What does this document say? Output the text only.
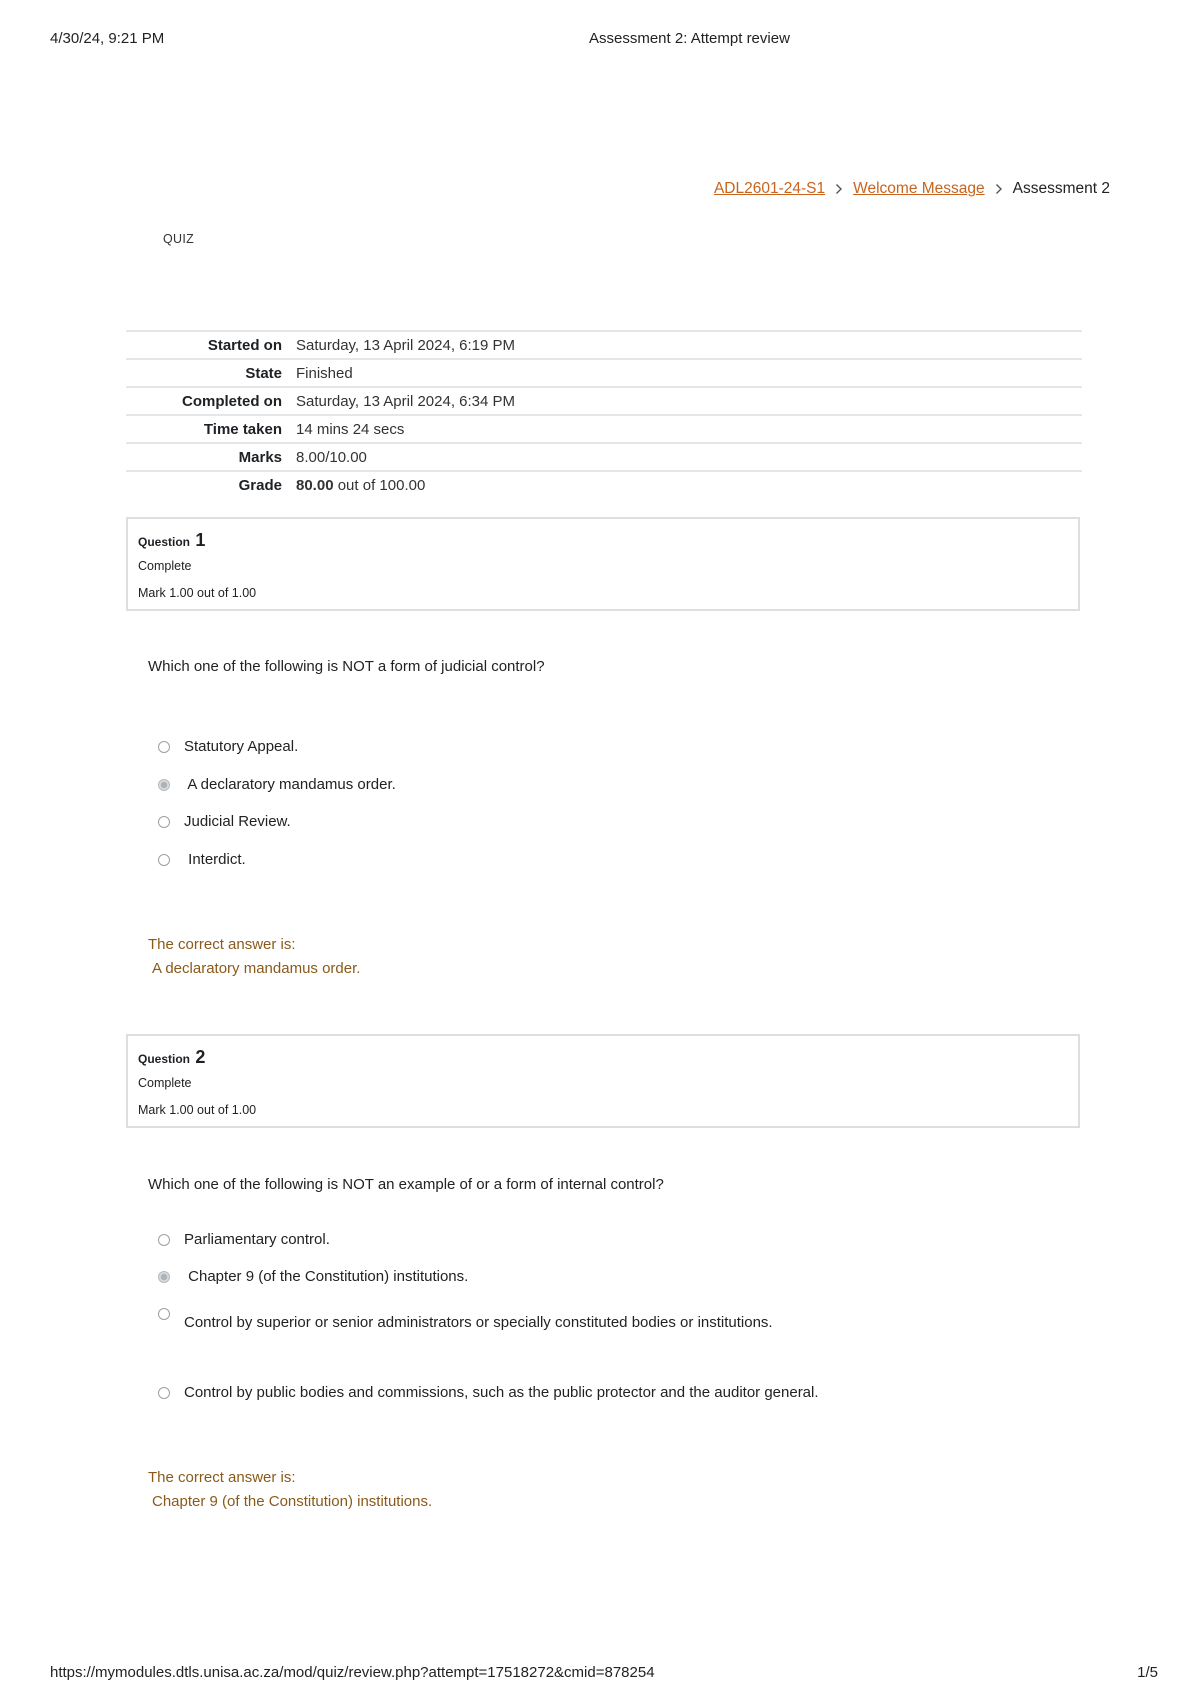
4/30/24, 9:21 PM	Assessment 2: Attempt review
ADL2601-24-S1 Welcome Message Assessment 2
QUIZ
Started on	Saturday, 13 April 2024, 6:19 PM
State	Finished
Completed on	Saturday, 13 April 2024, 6:34 PM
Time taken	14 mins 24 secs
Marks	8.00/10.00
Grade	80.00 out of 100.00
Question 1
Complete
Mark 1.00 out of 1.00
Which one of the following is NOT a form of judicial control?
Statutory Appeal.
A declaratory mandamus order.
Judicial Review.
Interdict.
The correct answer is:
A declaratory mandamus order.
Question 2
Complete
Mark 1.00 out of 1.00
Which one of the following is NOT an example of or a form of internal control?
Parliamentary control.
Chapter 9 (of the Constitution) institutions.
Control by superior or senior administrators or specially constituted bodies or institutions.
Control by public bodies and commissions, such as the public protector and the auditor general.
The correct answer is:
Chapter 9 (of the Constitution) institutions.
https://mymodules.dtls.unisa.ac.za/mod/quiz/review.php?attempt=17518272&cmid=878254	1/5
